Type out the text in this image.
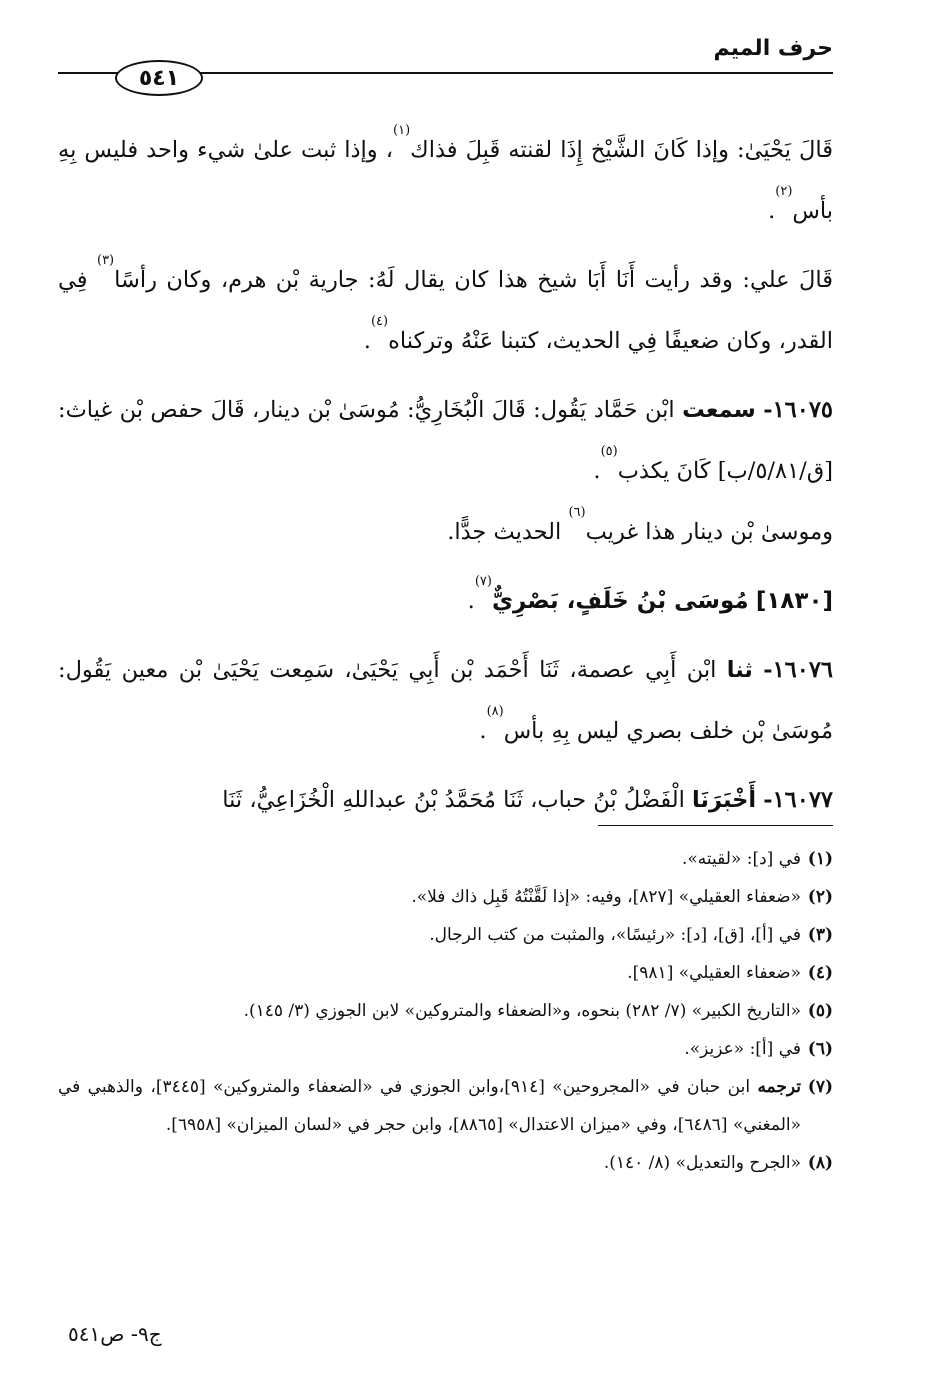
حرف الميم
٥٤١

قَالَ يَحْيَىٰ: وإذا كَانَ الشَّيْخ إِذَا لقنته قَبِلَ فذاك$^{(١)}$، وإذا ثبت علىٰ شيء واحد فليس بِهِ بأس$^{(٢)}$.

قَالَ علي: وقد رأيت أَنَا أَبَا شيخ هذا كان يقال لَهُ: جارية بْن هرم، وكان رأسًا$^{(٣)}$ فِي القدر، وكان ضعيفًا فِي الحديث، كتبنا عَنْهُ وتركناه$^{(٤)}$.

١٦٠٧٥- سمعت ابْن حَمَّاد يَقُول: قَالَ الْبُخَارِيُّ: مُوسَىٰ بْن دينار، قَالَ حفص بْن غياث: [ق/٥/٨١/ب] كَانَ يكذب$^{(٥)}$.

وموسىٰ بْن دينار هذا غريب$^{(٦)}$ الحديث جدًّا.

[١٨٣٠] مُوسَى بْنُ خَلَفٍ، بَصْرِيٌّ$^{(٧)}$.

١٦٠٧٦- ثنا ابْن أَبِي عصمة، ثَنَا أَحْمَد بْن أَبِي يَحْيَىٰ، سَمِعت يَحْيَىٰ بْن معين يَقُول: مُوسَىٰ بْن خلف بصري ليس بِهِ بأس$^{(٨)}$.

١٦٠٧٧- أَخْبَرَنَا الْفَضْلُ بْنُ حباب، ثَنَا مُحَمَّدُ بْنُ عبداللهِ الْخُزَاعِيُّ، ثَنَا

(١)
في [د]: «لقيته».
(٢)
«ضعفاء العقيلي» [٨٢٧]، وفيه: «إذا لَقَّنْتُهُ قَبِل ذاك فلا».
(٣)
في [أ]، [ق]، [د]: «رئيسًا»، والمثبت من كتب الرجال.
(٤)
«ضعفاء العقيلي» [٩٨١].
(٥)
«التاريخ الكبير» (٧/ ٢٨٢) بنحوه، و«الضعفاء والمتروكين» لابن الجوزي (٣/ ١٤٥).
(٦)
في [أ]: «عزيز».
(٧)
ترجمه ابن حبان في «المجروحين» [٩١٤]،وابن الجوزي في «الضعفاء والمتروكين» [٣٤٤٥]، والذهبي في «المغني» [٦٤٨٦]، وفي «ميزان الاعتدال» [٨٨٦٥]، وابن حجر في «لسان الميزان» [٦٩٥٨].
(٨)
«الجرح والتعديل» (٨/ ١٤٠).
ج٩- ص٥٤١
